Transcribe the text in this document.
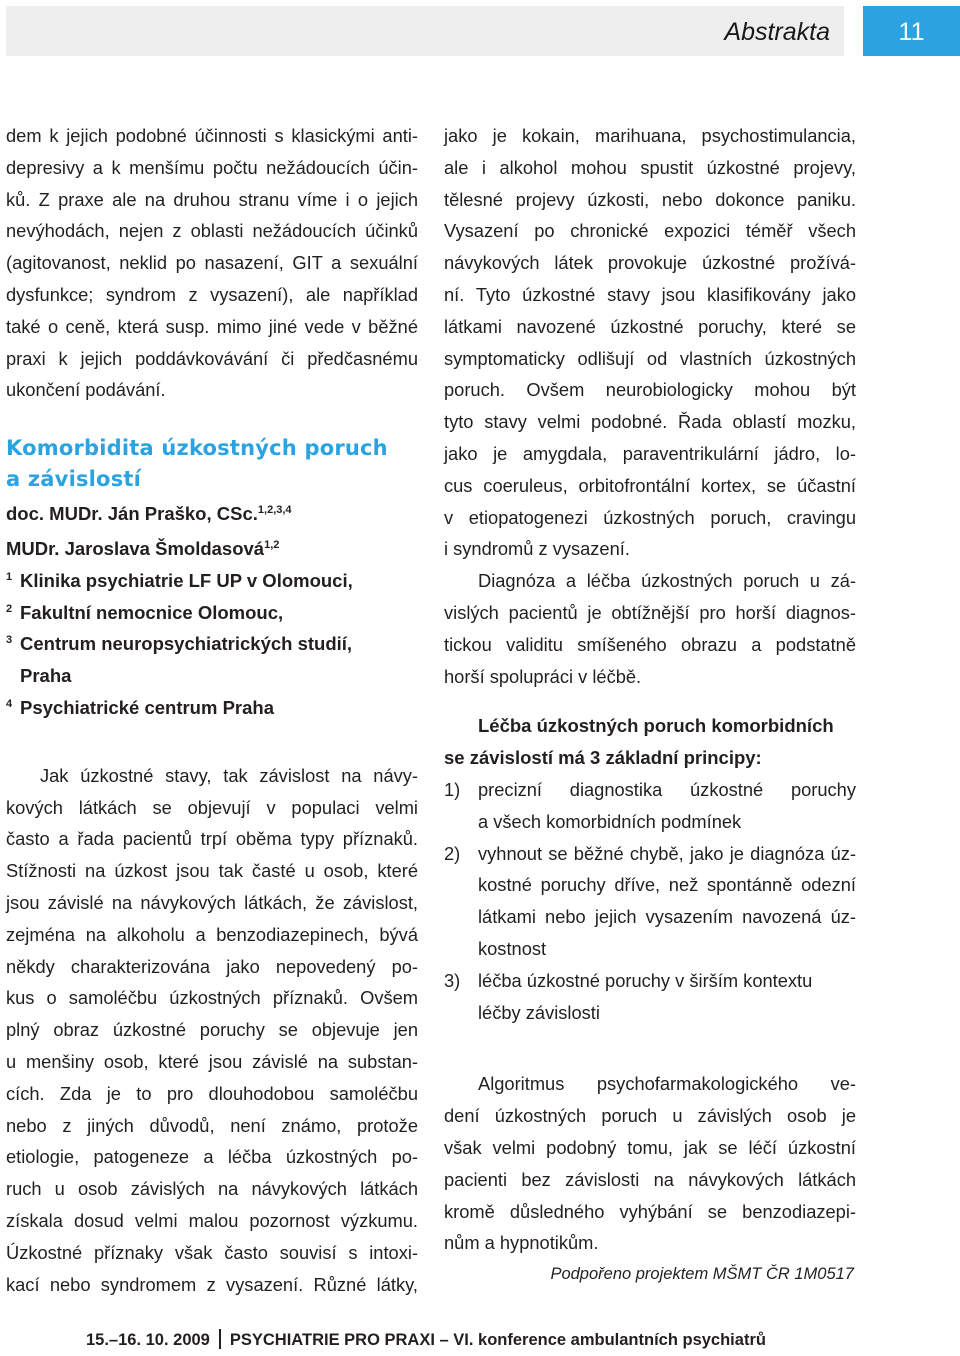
Abstrakta	11

dem k jejich podobné účinnosti s klasickými anti-

depresivy a k menšímu počtu nežádoucích účin-

ků. Z praxe ale na druhou stranu víme i o jejich

nevýhodách, nejen z oblasti nežádoucích účinků

(agitovanost, neklid po nasazení, GIT a sexuální

dysfunkce; syndrom z vysazení), ale například

také o ceně, která susp. mimo jiné vede v běžné

praxi k jejich poddávkovávání či předčasnému

ukončení podávání.

Komorbidita úzkostných poruch
a závislostí

doc. MUDr. Ján Praško, CSc.$^{1,2,3,4}$

MUDr. Jaroslava Šmoldasová$^{1,2}$

1 Klinika psychiatrie LF UP v Olomouci,
2 Fakultní nemocnice Olomouc,
3 Centrum neuropsychiatrických studií,
Praha
4 Psychiatrické centrum Praha

Jak úzkostné stavy, tak závislost na návy-

kových látkách se objevují v populaci velmi

často a řada pacientů trpí oběma typy příznaků.

Stížnosti na úzkost jsou tak časté u osob, které

jsou závislé na návykových látkách, že závislost,

zejména na alkoholu a benzodiazepinech, bývá

někdy charakterizována jako nepovedený po-

kus o samoléčbu úzkostných příznaků. Ovšem

plný obraz úzkostné poruchy se objevuje jen

u menšiny osob, které jsou závislé na substan-

cích. Zda je to pro dlouhodobou samoléčbu

nebo z jiných důvodů, není známo, protože

etiologie, patogeneze a léčba úzkostných po-

ruch u osob závislých na návykových látkách

získala dosud velmi malou pozornost výzkumu.

Úzkostné příznaky však často souvisí s intoxi-

kací nebo syndromem z vysazení. Různé látky,

jako je kokain, marihuana, psychostimulancia,

ale i alkohol mohou spustit úzkostné projevy,

tělesné projevy úzkosti, nebo dokonce paniku.

Vysazení po chronické expozici téměř všech

návykových látek provokuje úzkostné prožívá-

ní. Tyto úzkostné stavy jsou klasifikovány jako

látkami navozené úzkostné poruchy, které se

symptomaticky odlišují od vlastních úzkostných

poruch. Ovšem neurobiologicky mohou být

tyto stavy velmi podobné. Řada oblastí mozku,

jako je amygdala, paraventrikulární jádro, lo-

cus coeruleus, orbitofrontální kortex, se účastní

v etiopatogenezi úzkostných poruch, cravingu

i syndromů z vysazení.

Diagnóza a léčba úzkostných poruch u zá-

vislých pacientů je obtížnější pro horší diagnos-

tickou validitu smíšeného obrazu a podstatně

horší spolupráci v léčbě.

Léčba úzkostných poruch komorbidních
se závislostí má 3 základní principy:

1) precizní diagnostika úzkostné poruchy
a všech komorbidních podmínek
2) vyhnout se běžné chybě, jako je diagnóza úz-
kostné poruchy dříve, než spontánně odezní
látkami nebo jejich vysazením navozená úz-
kostnost
3) léčba úzkostné poruchy v širším kontextu
léčby závislosti

Algoritmus psychofarmakologického ve-

dení úzkostných poruch u závislých osob je

však velmi podobný tomu, jak se léčí úzkostní

pacienti bez závislosti na návykových látkách

kromě důsledného vyhýbání se benzodiazepi-

nům a hypnotikům.

Podpořeno projektem MŠMT ČR 1M0517

15.–16. 10. 2009 PSYCHIATRIE PRO PRAXI – VI. konference ambulantních psychiatrů
